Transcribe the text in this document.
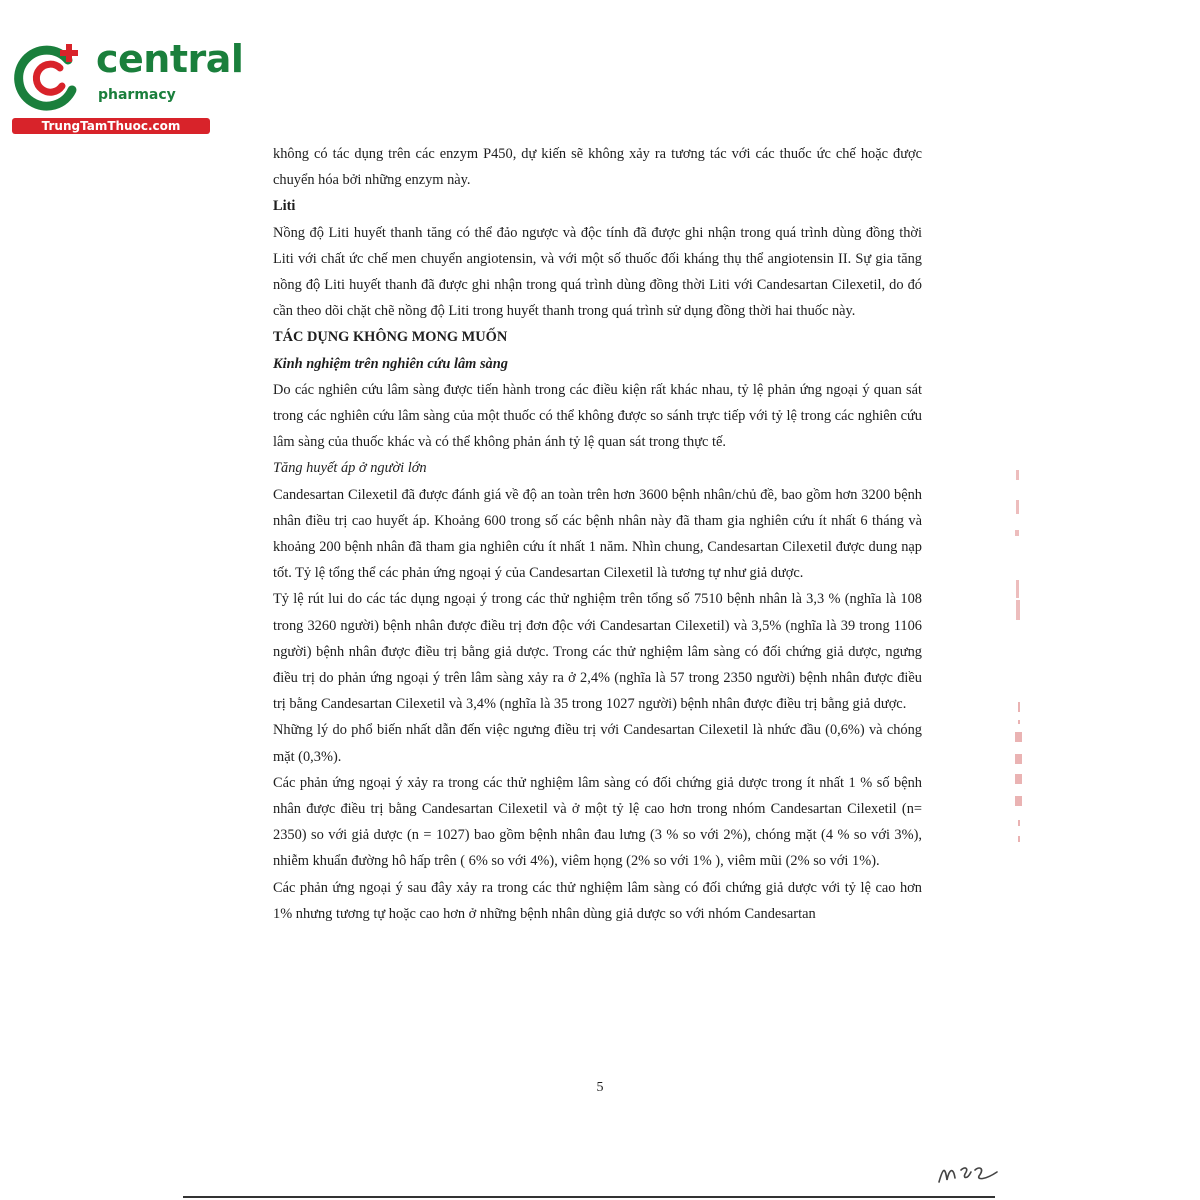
central
pharmacy
TrungTamThuoc.com

không có tác dụng trên các enzym P450, dự kiến sẽ không xảy ra tương tác với các thuốc ức chế hoặc được chuyển hóa bởi những enzym này.

Liti

Nồng độ Liti huyết thanh tăng có thể đảo ngược và độc tính đã được ghi nhận trong quá trình dùng đồng thời Liti với chất ức chế men chuyển angiotensin, và với một số thuốc đối kháng thụ thể angiotensin II. Sự gia tăng nồng độ Liti huyết thanh đã được ghi nhận trong quá trình dùng đồng thời Liti với Candesartan Cilexetil, do đó cần theo dõi chặt chẽ nồng độ Liti trong huyết thanh trong quá trình sử dụng đồng thời hai thuốc này.

TÁC DỤNG KHÔNG MONG MUỐN
Kinh nghiệm trên nghiên cứu lâm sàng

Do các nghiên cứu lâm sàng được tiến hành trong các điều kiện rất khác nhau, tỷ lệ phản ứng ngoại ý quan sát trong các nghiên cứu lâm sàng của một thuốc có thể không được so sánh trực tiếp với tỷ lệ trong các nghiên cứu lâm sàng của thuốc khác và có thể không phản ánh tỷ lệ quan sát trong thực tế.

Tăng huyết áp ở người lớn

Candesartan Cilexetil đã được đánh giá về độ an toàn trên hơn 3600 bệnh nhân/chủ đề, bao gồm hơn 3200 bệnh nhân điều trị cao huyết áp. Khoảng 600 trong số các bệnh nhân này đã tham gia nghiên cứu ít nhất 6 tháng và khoảng 200 bệnh nhân đã tham gia nghiên cứu ít nhất 1 năm. Nhìn chung, Candesartan Cilexetil được dung nạp tốt. Tỷ lệ tổng thể các phản ứng ngoại ý của Candesartan Cilexetil là tương tự như giả dược.

Tỷ lệ rút lui do các tác dụng ngoại ý trong các thử nghiệm trên tổng số 7510 bệnh nhân là 3,3 % (nghĩa là 108 trong 3260 người) bệnh nhân được điều trị đơn độc với Candesartan Cilexetil) và 3,5% (nghĩa là 39 trong 1106 người) bệnh nhân được điều trị bằng giả dược. Trong các thử nghiệm lâm sàng có đối chứng giả dược, ngưng điều trị do phản ứng ngoại ý trên lâm sàng xảy ra ở 2,4% (nghĩa là 57 trong 2350 người) bệnh nhân được điều trị bằng Candesartan Cilexetil và 3,4% (nghĩa là 35 trong 1027 người) bệnh nhân được điều trị bằng giả dược.

Những lý do phổ biến nhất dẫn đến việc ngưng điều trị với Candesartan Cilexetil là nhức đầu (0,6%) và chóng mặt (0,3%).

Các phản ứng ngoại ý xảy ra trong các thử nghiệm lâm sàng có đối chứng giả dược trong ít nhất 1 % số bệnh nhân được điều trị bằng Candesartan Cilexetil và ở một tỷ lệ cao hơn trong nhóm Candesartan Cilexetil (n= 2350) so với giả dược (n = 1027) bao gồm bệnh nhân đau lưng (3 % so với 2%), chóng mặt (4 % so với 3%), nhiễm khuẩn đường hô hấp trên ( 6% so với 4%), viêm họng (2% so với 1% ), viêm mũi (2% so với 1%).

Các phản ứng ngoại ý sau đây xảy ra trong các thử nghiệm lâm sàng có đối chứng giả dược với tỷ lệ cao hơn 1% nhưng tương tự hoặc cao hơn ở những bệnh nhân dùng giả dược so với nhóm Candesartan

5
